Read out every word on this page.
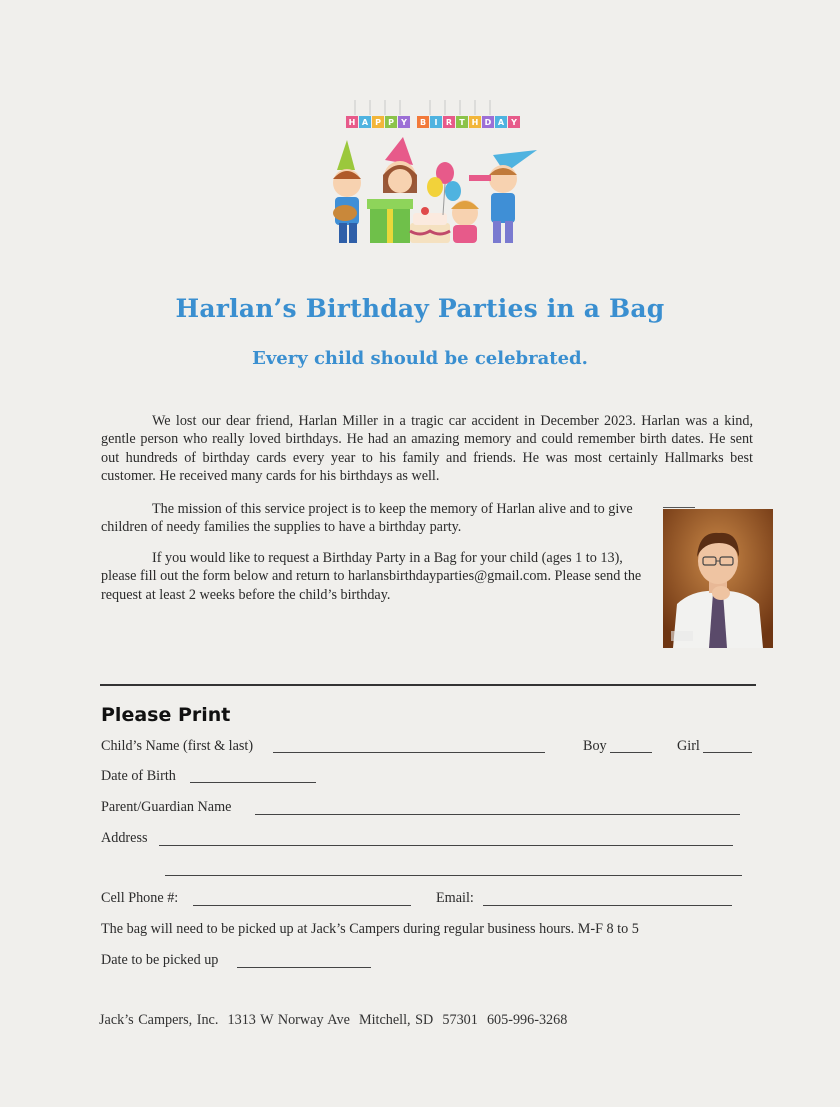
H A P P Y B I R T H D A Y
Harlan’s Birthday Parties in a Bag
Every child should be celebrated.

We lost our dear friend, Harlan Miller in a tragic car accident in December 2023. Harlan was a kind, gentle person who really loved birthdays. He had an amazing memory and could remember birth dates. He sent out hundreds of birthday cards every year to his family and friends. He was most certainly Hallmarks best customer. He received many cards for his birthdays as well.

The mission of this service project is to keep the memory of Harlan alive and to give children of needy families the supplies to have a birthday party.

If you would like to request a Birthday Party in a Bag for your child (ages 1 to 13), please fill out the form below and return to harlansbirthdayparties@gmail.com. Please send the request at least 2 weeks before the child’s birthday.

Please Print
Child’s Name (first & last)	Boy	Girl
Date of Birth
Parent/Guardian Name
Address
Cell Phone #:	Email:
The bag will need to be picked up at Jack’s Campers during regular business hours. M-F 8 to 5
Date to be picked up
Jack’s Campers, Inc.  1313 W Norway Ave  Mitchell, SD  57301  605-996-3268
